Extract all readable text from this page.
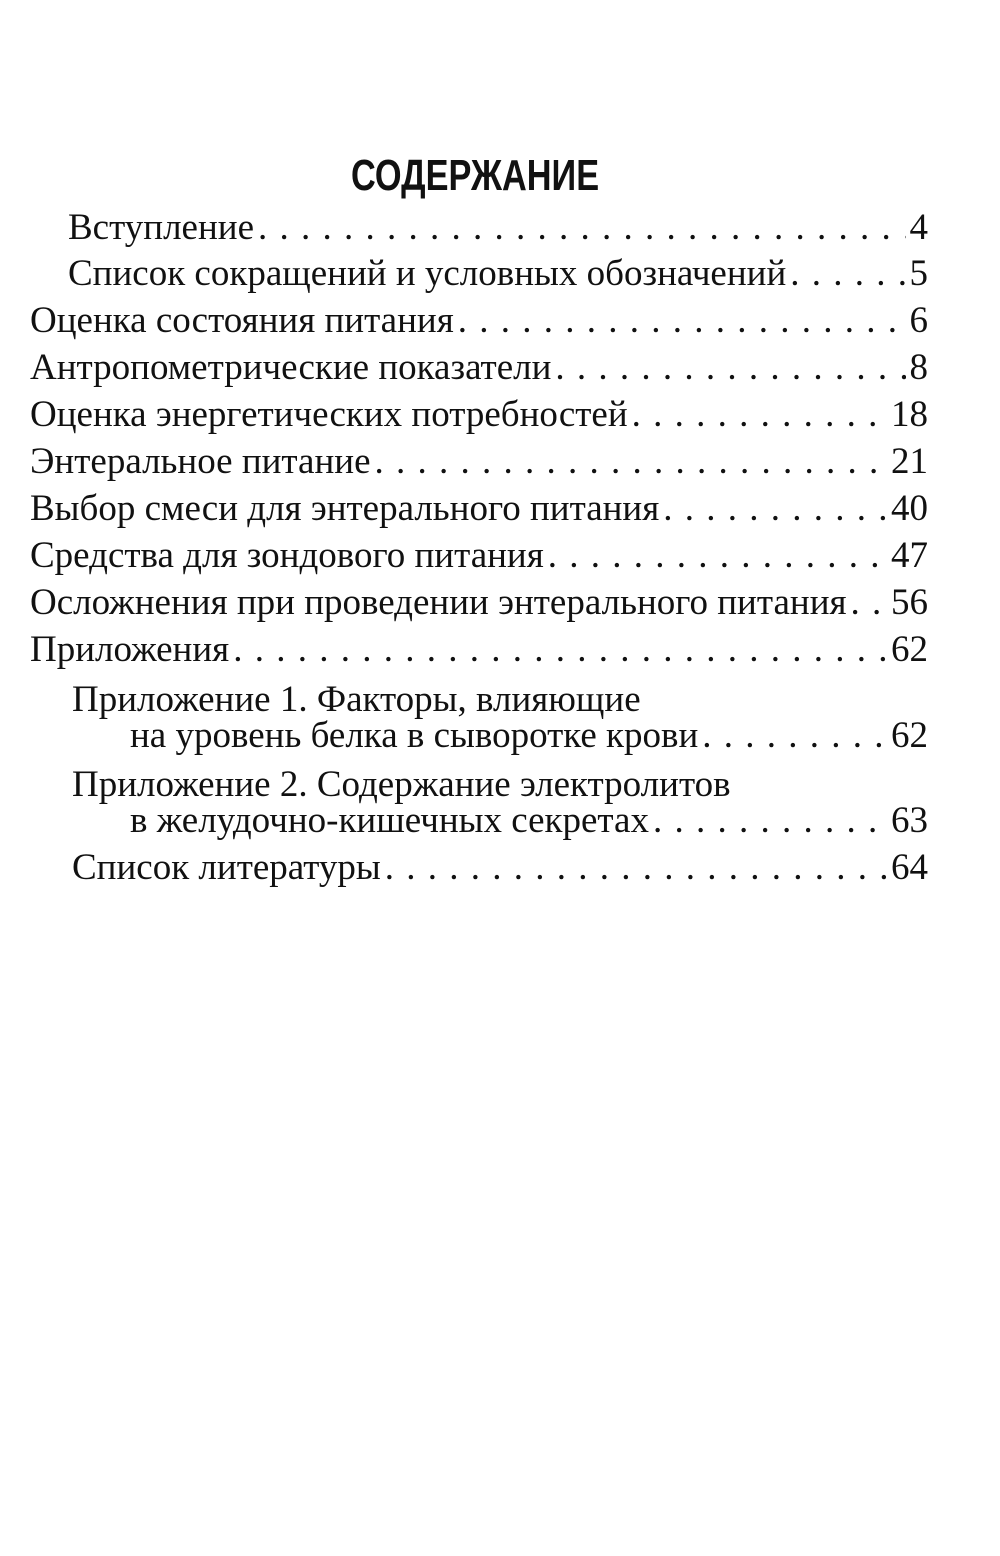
СОДЕРЖАНИЕ
Вступление . . .	4
Список сокращений и условных обозначений . . .	5
Оценка состояния питания . . .	6
Антропометрические показатели . . .	8
Оценка энергетических потребностей . . .	18
Энтеральное питание . . .	21
Выбор смеси для энтерального питания . . .	40
Средства для зондового питания . . .	47
Осложнения при проведении энтерального питания . . . 56
Приложения . . .	62
Приложение 1. Факторы, влияющие
на уровень белка в сыворотке крови . . .	62
Приложение 2. Содержание электролитов
в желудочно-кишечных секретах . . .	63
Список литературы . . .	64
